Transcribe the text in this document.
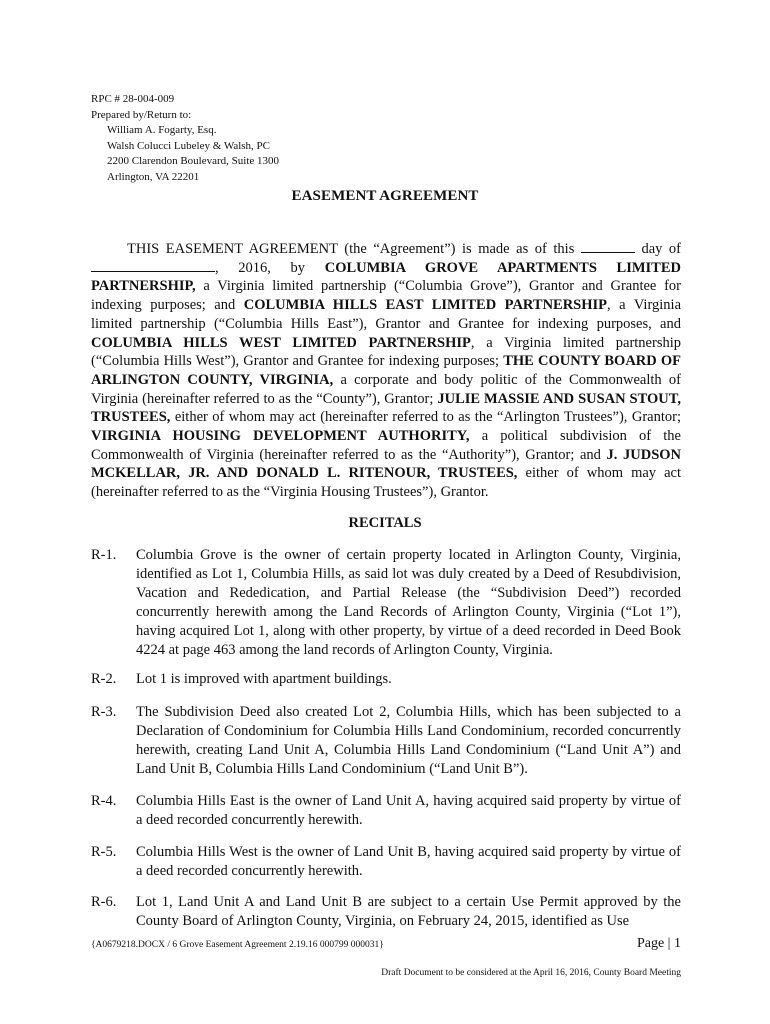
RPC # 28-004-009
Prepared by/Return to:
William A. Fogarty, Esq.
Walsh Colucci Lubeley & Walsh, PC
2200 Clarendon Boulevard, Suite 1300
Arlington, VA 22201
EASEMENT AGREEMENT
THIS EASEMENT AGREEMENT (the “Agreement”) is made as of this	day of , 2016, by COLUMBIA GROVE APARTMENTS LIMITED PARTNERSHIP, a Virginia limited partnership (“Columbia Grove”), Grantor and Grantee for indexing purposes; and COLUMBIA HILLS EAST LIMITED PARTNERSHIP, a Virginia limited partnership (“Columbia Hills East”), Grantor and Grantee for indexing purposes, and COLUMBIA HILLS WEST LIMITED PARTNERSHIP, a Virginia limited partnership (“Columbia Hills West”), Grantor and Grantee for indexing purposes; THE COUNTY BOARD OF ARLINGTON COUNTY, VIRGINIA, a corporate and body politic of the Commonwealth of Virginia (hereinafter referred to as the “County”), Grantor; JULIE MASSIE AND SUSAN STOUT, TRUSTEES, either of whom may act (hereinafter referred to as the “Arlington Trustees”), Grantor; VIRGINIA HOUSING DEVELOPMENT AUTHORITY, a political subdivision of the Commonwealth of Virginia (hereinafter referred to as the “Authority”), Grantor; and J. JUDSON MCKELLAR, JR. AND DONALD L. RITENOUR, TRUSTEES, either of whom may act (hereinafter referred to as the “Virginia Housing Trustees”), Grantor.
RECITALS
R-1.	Columbia Grove is the owner of certain property located in Arlington County, Virginia, identified as Lot 1, Columbia Hills, as said lot was duly created by a Deed of Resubdivision, Vacation and Rededication, and Partial Release (the “Subdivision Deed”) recorded concurrently herewith among the Land Records of Arlington County, Virginia (“Lot 1”), having acquired Lot 1, along with other property, by virtue of a deed recorded in Deed Book 4224 at page 463 among the land records of Arlington County, Virginia.
R-2.	Lot 1 is improved with apartment buildings.
R-3.	The Subdivision Deed also created Lot 2, Columbia Hills, which has been subjected to a Declaration of Condominium for Columbia Hills Land Condominium, recorded concurrently herewith, creating Land Unit A, Columbia Hills Land Condominium (“Land Unit A”) and Land Unit B, Columbia Hills Land Condominium (“Land Unit B”).
R-4.	Columbia Hills East is the owner of Land Unit A, having acquired said property by virtue of a deed recorded concurrently herewith.
R-5.	Columbia Hills West is the owner of Land Unit B, having acquired said property by virtue of a deed recorded concurrently herewith.
R-6.	Lot 1, Land Unit A and Land Unit B are subject to a certain Use Permit approved by the County Board of Arlington County, Virginia, on February 24, 2015, identified as Use
{A0679218.DOCX / 6 Grove Easement Agreement 2.19.16 000799 000031}	Page | 1
Draft Document to be considered at the April 16, 2016, County Board Meeting
